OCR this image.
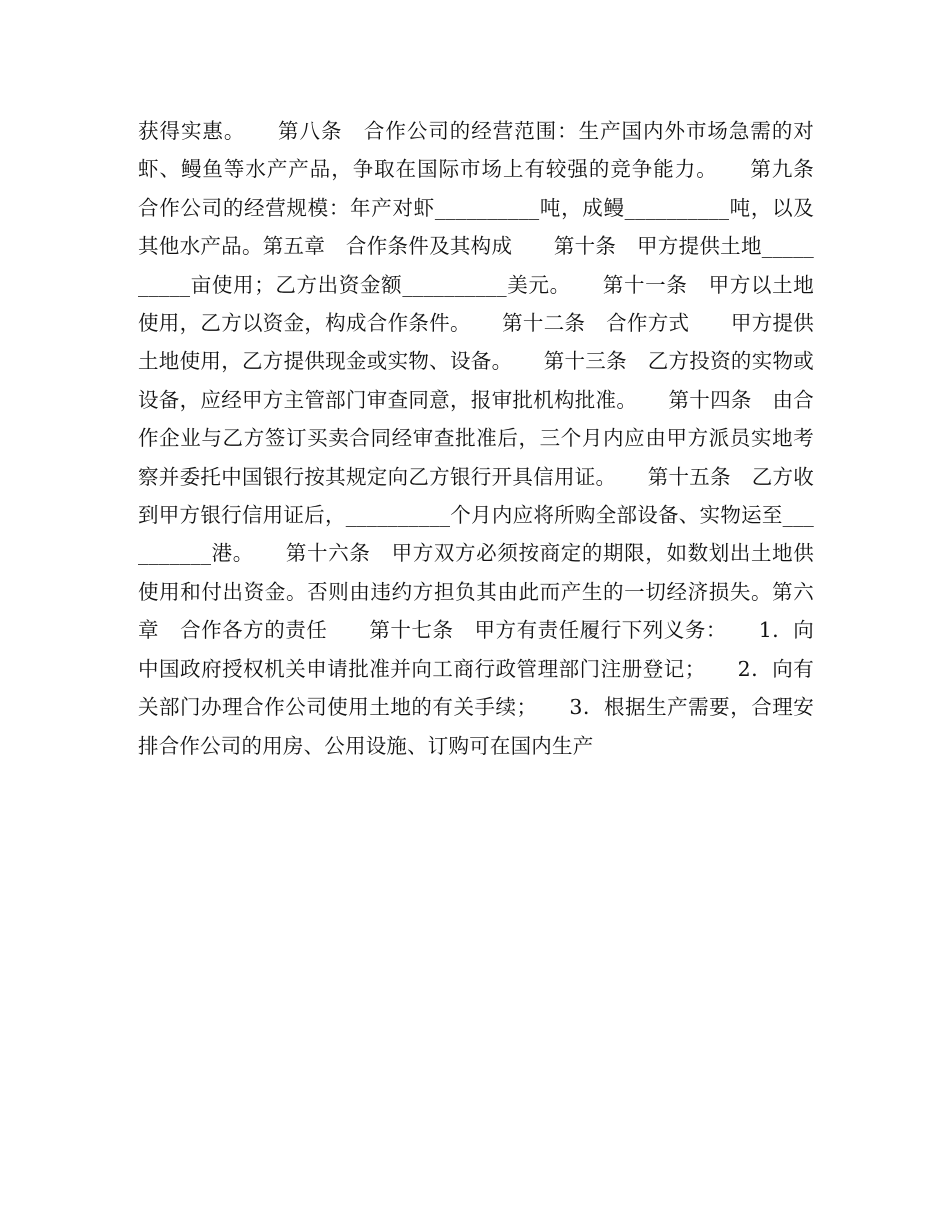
获得实惠。　　第八条　合作公司的经营范围：生产国内外市场急需的对虾、鳗鱼等水产产品，争取在国际市场上有较强的竞争能力。　　第九条　合作公司的经营规模：年产对虾__________吨，成鳗__________吨，以及其他水产品。第五章　合作条件及其构成　　第十条　甲方提供土地__________亩使用；乙方出资金额__________美元。　　第十一条　甲方以土地使用，乙方以资金，构成合作条件。　　第十二条　合作方式　　甲方提供土地使用，乙方提供现金或实物、设备。　　第十三条　乙方投资的实物或设备，应经甲方主管部门审查同意，报审批机构批准。　　第十四条　由合作企业与乙方签订买卖合同经审查批准后，三个月内应由甲方派员实地考察并委托中国银行按其规定向乙方银行开具信用证。　　第十五条　乙方收到甲方银行信用证后，__________个月内应将所购全部设备、实物运至__________港。　　第十六条　甲方双方必须按商定的期限，如数划出土地供使用和付出资金。否则由违约方担负其由此而产生的一切经济损失。第六章　合作各方的责任　　第十七条　甲方有责任履行下列义务：　　1．向中国政府授权机关申请批准并向工商行政管理部门注册登记；　　2．向有关部门办理合作公司使用土地的有关手续；　　3．根据生产需要，合理安排合作公司的用房、公用设施、订购可在国内生产
